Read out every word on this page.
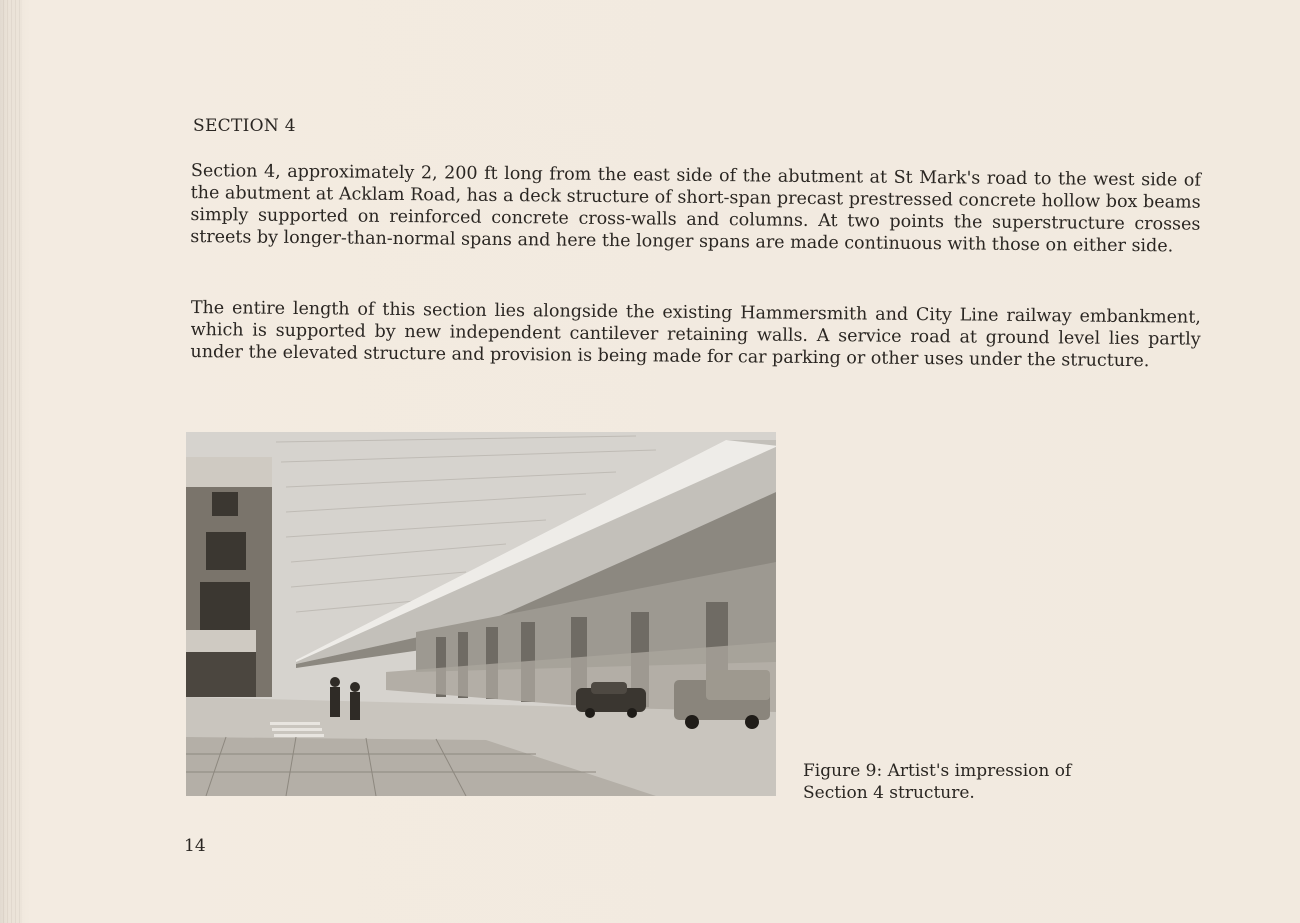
SECTION 4

Section 4, approximately 2, 200 ft long from the east side of the abutment at St Mark's road to the west side of the abutment at Acklam Road, has a deck structure of short-span precast prestressed concrete hollow box beams simply supported on reinforced concrete cross-walls and columns. At two points the superstructure crosses streets by longer-than-normal spans and here the longer spans are made continuous with those on either side.

The entire length of this section lies alongside the existing Hammersmith and City Line railway embankment, which is supported by new independent cantilever retaining walls. A service road at ground level lies partly under the elevated structure and provision is being made for car parking or other uses under the structure.

Figure 9: Artist's impression of
Section 4 structure.
14
